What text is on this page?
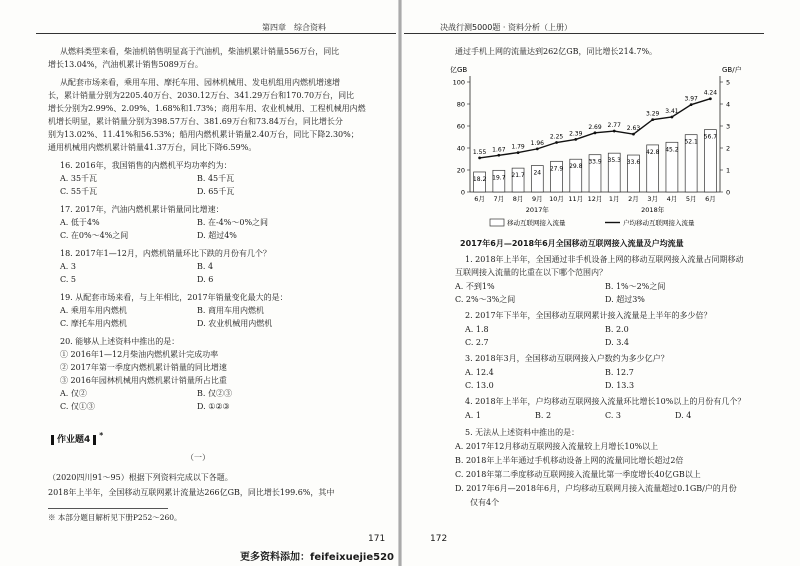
第四章　综合资料	决战行测5000题 · 资料分析（上册）
从燃料类型来看，柴油机销售明显高于汽油机，柴油机累计销量556万台，同比
增长13.04%，汽油机累计销售5089万台。
从配套市场来看，乘用车用、摩托车用、园林机械用、发电机组用内燃机增速增
长，累计销量分别为2205.40万台、2030.12万台、341.29万台和170.70万台，同比
增长分别为2.99%、2.09%、1.68%和1.73%；商用车用、农业机械用、工程机械用内燃
机增长明显，累计销量分别为398.57万台、381.69万台和73.84万台，同比增长分
别为13.02%、11.41%和56.53%；船用内燃机累计销量2.40万台，同比下降2.30%；
通用机械用内燃机累计销量41.37万台，同比下降6.59%。
16. 2016年，我国销售的内燃机平均功率约为：
A. 35千瓦	B. 45千瓦
C. 55千瓦	D. 65千瓦
17. 2017年，汽油内燃机累计销量同比增速：
A. 低于4%	B. 在-4%～0%之间
C. 在0%～4%之间	D. 超过4%
18. 2017年1—12月，内燃机销量环比下跌的月份有几个？
A. 3	B. 4
C. 5	D. 6
19. 从配套市场来看，与上年相比，2017年销量变化最大的是：
A. 乘用车用内燃机	B. 商用车用内燃机
C. 摩托车用内燃机	D. 农业机械用内燃机
20. 能够从上述资料中推出的是：
① 2016年1—12月柴油内燃机累计完成功率
② 2017年第一季度内燃机累计销量的同比增速
③ 2016年园林机械用内燃机累计销量所占比重
A. 仅②	B. 仅②③
C. 仅①③	D. ①②③
作业题4 *
（一）
（2020四川91～95）根据下列资料完成以下各题。
2018年上半年，全国移动互联网累计流量达266亿GB，同比增长199.6%，其中
※ 本部分题目解析见下册P252～260。
171
更多资料添加：feifeixuejie520
通过手机上网的流量达到262亿GB，同比增长214.7%。
亿GB	GB/户
0
20
40
60
80
100
0
1
2
3
4
5
18.2
6月
19.7
7月
21.7
8月
24
9月
27.9
10月
29.8
11月
33.9
12月
35.3
1月
33.6
2月
42.8
3月
45.2
4月
52.1
5月
56.7
6月
1.55 1.67 1.79
1.96
2.25 2.39
2.69 2.77 2.63
3.29 3.41
3.97
4.24
2017年	2018年
移动互联网接入流量	户均移动互联网接入流量
2017年6月—2018年6月全国移动互联网接入流量及户均流量
1. 2018年上半年，全国通过非手机设备上网的移动互联网接入流量占同期移动
互联网接入流量的比重在以下哪个范围内？
A. 不到1%	B. 1%～2%之间
C. 2%～3%之间	D. 超过3%
2. 2017年下半年，全国移动互联网累计接入流量是上半年的多少倍？
A. 1.8	B. 2.0
C. 2.7	D. 3.4
3. 2018年3月，全国移动互联网接入户数约为多少亿户？
A. 12.4	B. 12.7
C. 13.0	D. 13.3
4. 2018年上半年，户均移动互联网接入流量环比增长10%以上的月份有几个？
A. 1	B. 2	C. 3	D. 4
5. 无法从上述资料中推出的是：
A. 2017年12月移动互联网接入流量较上月增长10%以上
B. 2018年上半年通过手机移动设备上网的流量同比增长超过2倍
C. 2018年第二季度移动互联网接入流量比第一季度增长40亿GB以上
D. 2017年6月—2018年6月，户均移动互联网月接入流量超过0.1GB/户的月份
仅有4个
172
